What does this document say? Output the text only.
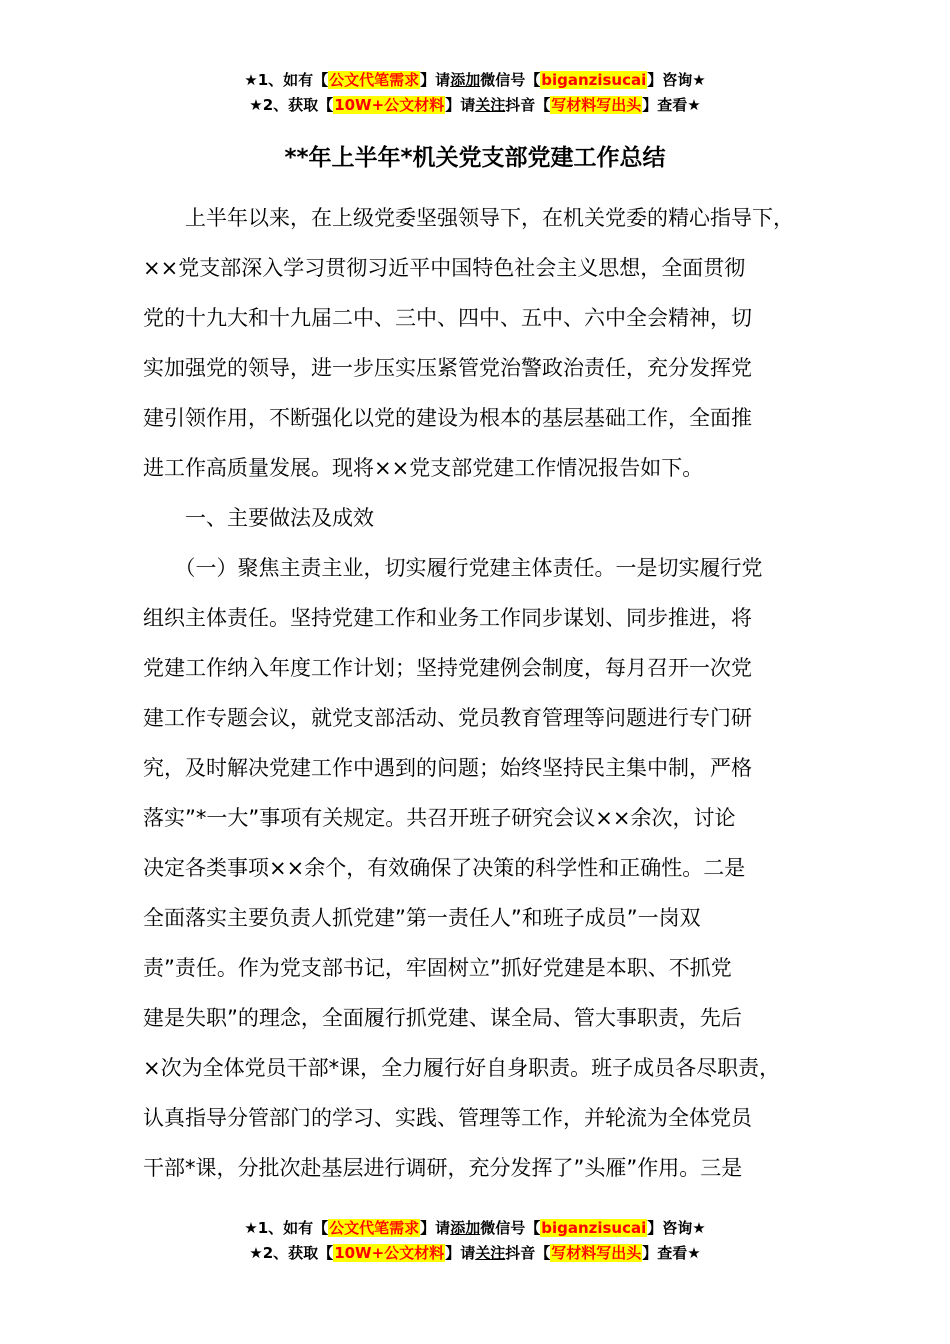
★1、如有【公文代笔需求】请添加微信号【biganzisucai】咨询★
★2、获取【10W+公文材料】请关注抖音【写材料写出头】查看★
**年上半年*机关党支部党建工作总结
　　上半年以来，在上级党委坚强领导下，在机关党委的精心指导下，
××党支部深入学习贯彻习近平中国特色社会主义思想，全面贯彻
党的十九大和十九届二中、三中、四中、五中、六中全会精神，切
实加强党的领导，进一步压实压紧管党治警政治责任，充分发挥党
建引领作用，不断强化以党的建设为根本的基层基础工作，全面推
进工作高质量发展。现将××党支部党建工作情况报告如下。
　　一、主要做法及成效
　　（一）聚焦主责主业，切实履行党建主体责任。一是切实履行党
组织主体责任。坚持党建工作和业务工作同步谋划、同步推进，将
党建工作纳入年度工作计划；坚持党建例会制度，每月召开一次党
建工作专题会议，就党支部活动、党员教育管理等问题进行专门研
究，及时解决党建工作中遇到的问题；始终坚持民主集中制，严格
落实”*一大”事项有关规定。共召开班子研究会议××余次，讨论
决定各类事项××余个，有效确保了决策的科学性和正确性。二是
全面落实主要负责人抓党建”第一责任人”和班子成员”一岗双
责”责任。作为党支部书记，牢固树立”抓好党建是本职、不抓党
建是失职”的理念，全面履行抓党建、谋全局、管大事职责，先后
×次为全体党员干部*课，全力履行好自身职责。班子成员各尽职责，
认真指导分管部门的学习、实践、管理等工作，并轮流为全体党员
干部*课，分批次赴基层进行调研，充分发挥了”头雁”作用。三是
★1、如有【公文代笔需求】请添加微信号【biganzisucai】咨询★
★2、获取【10W+公文材料】请关注抖音【写材料写出头】查看★
